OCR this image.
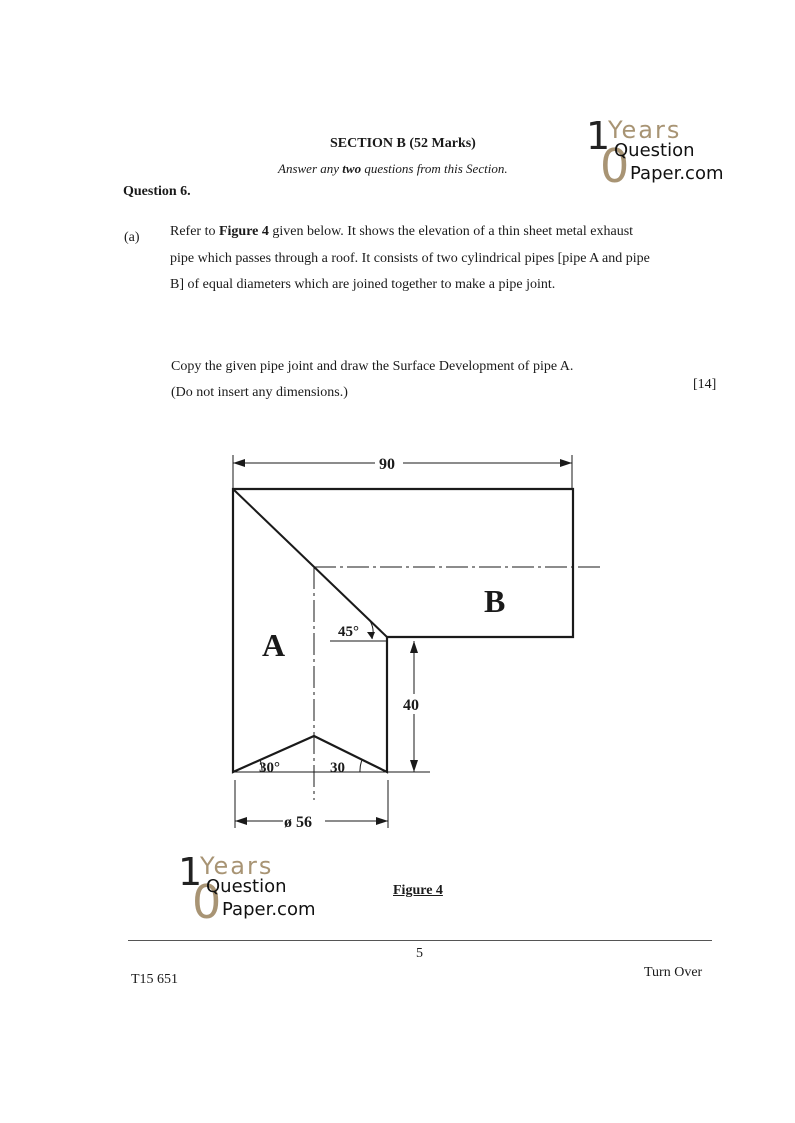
SECTION B (52 Marks)
Answer any two questions from this Section.
Question 6.
1
Years
0
Question
Paper.com
(a) Refer to Figure 4 given below. It shows the elevation of a thin sheet metal exhaust pipe which passes through a roof. It consists of two cylindrical pipes [pipe A and pipe B] of equal diameters which are joined together to make a pipe joint.
Copy the given pipe joint and draw the Surface Development of pipe A.
(Do not insert any dimensions.)
[14]
90
40
ø 56
45°
30°	30
A
B
1
Years
0
Question
Paper.com
Figure 4
5
T15 651	Turn Over
